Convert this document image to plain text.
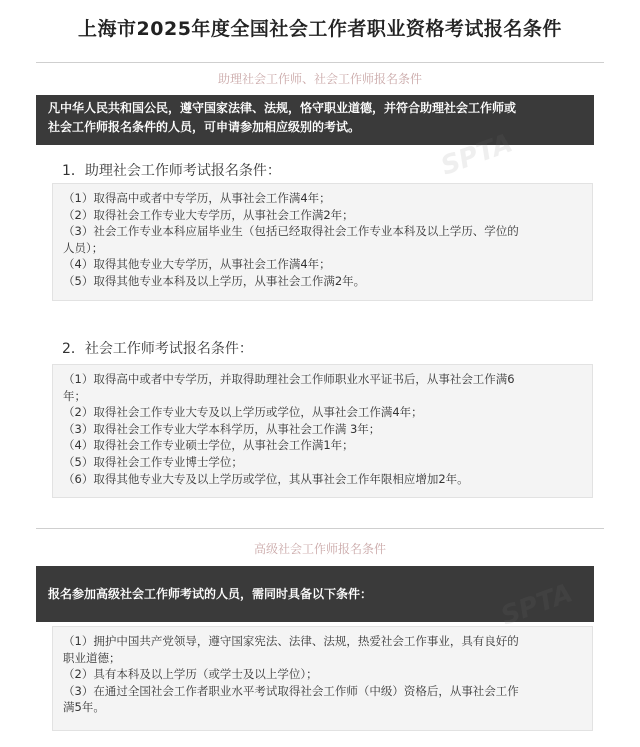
上海市2025年度全国社会工作者职业资格考试报名条件
助理社会工作师、社会工作师报名条件
凡中华人民共和国公民，遵守国家法律、法规，恪守职业道德，并符合助理社会工作师或
社会工作师报名条件的人员，可申请参加相应级别的考试。
1．助理社会工作师考试报名条件：
（1）取得高中或者中专学历，从事社会工作满4年；
（2）取得社会工作专业大专学历，从事社会工作满2年；
（3）社会工作专业本科应届毕业生（包括已经取得社会工作专业本科及以上学历、学位的
人员）；
（4）取得其他专业大专学历，从事社会工作满4年；
（5）取得其他专业本科及以上学历，从事社会工作满2年。
2．社会工作师考试报名条件：
（1）取得高中或者中专学历，并取得助理社会工作师职业水平证书后，从事社会工作满6
年；
（2）取得社会工作专业大专及以上学历或学位，从事社会工作满4年；
（3）取得社会工作专业大学本科学历，从事社会工作满 3年；
（4）取得社会工作专业硕士学位，从事社会工作满1年；
（5）取得社会工作专业博士学位；
（6）取得其他专业大专及以上学历或学位，其从事社会工作年限相应增加2年。
高级社会工作师报名条件
报名参加高级社会工作师考试的人员，需同时具备以下条件：
（1）拥护中国共产党领导，遵守国家宪法、法律、法规，热爱社会工作事业，具有良好的
职业道德；
（2）具有本科及以上学历（或学士及以上学位）；
（3）在通过全国社会工作者职业水平考试取得社会工作师（中级）资格后，从事社会工作
满5年。
SPTA
